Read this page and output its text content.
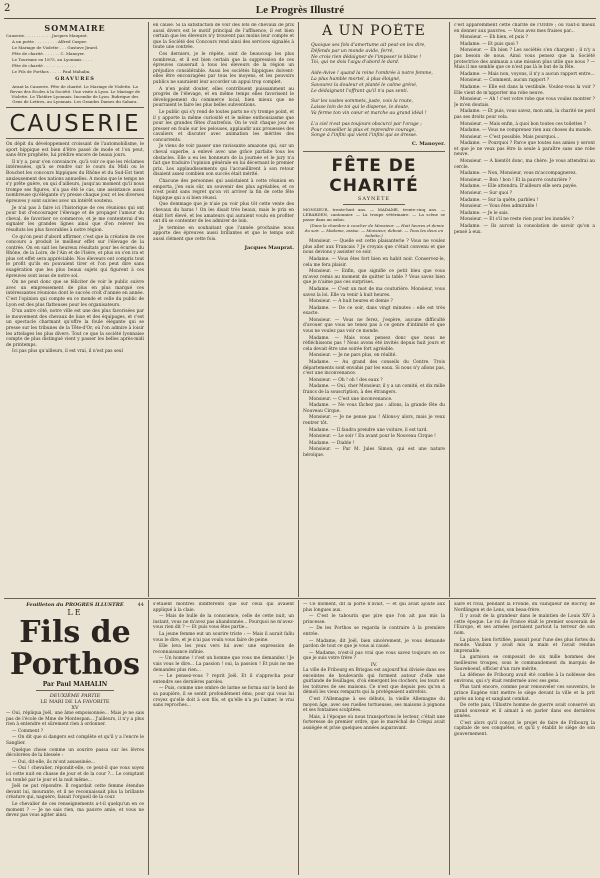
2	Le Progrès Illustré
SOMMAIRE

Causerie. . . . . . . . . . . Jacques Mauprat.

A un poète . . . . . . . . . Alfred Casper.

Le Mariage de Violette . . . Gustave Jirard.

Fête de charité. . . . . . . C. Manoyer.

Le Tourisme en 1875, au Lyonnais . . . .

Fête de charité . . . . . . . . . . . . .

Le Fils de Porthos . . . . . Paul Mahalin.

GRAVURES

Avant la Causerie. Fête de charité. Le Mariage de Violette. La Revue des Ecoles à la Société. Une visite à Lyon. Le Mariage de Violette. Le Théâtre Lyonnais. Incendie de Lyon. Rubrique des Gens de Lettres, au Lyonnais. Les Grandes Dames du Sahara.

CAUSERIE

On dépit du développement croissant de l'automobilisme, le sport hippique est bien d'être passé de mode et l'on peut, sans être prophète, lui prédire encore de beaux jours.

Il n'y a, pour s'en convaincre, qu'à voir ce que les réclames intéressées, qu'à se rendre sur le cours du Midi ou le Bouchet les concours hippiques du Rhône et du Sud-Est tient anxieusement des nations annuelles. A moins que le temps ne s'y prête guère, on qui d'ailleurs, jusqu'au moment qu'il nous trompe ses figures, n'a pas été le cas, une assistance aussi nombreuse qu'élégante s'y presse chaque jour, et les diverses épreuves y sont suivies avec un intérêt soutenu.

Je n'ai pas à faire ici l'historique de ces réunions qui ont pour but d'encourager l'élevage et de propager l'amour du cheval, de favoriser ce commerce, et je me contenterai d'en signaler les grandes lignes ainsi que d'en relever les résultats les plus favorables à notre région.

Ce qu'on peut d'abord affirmer, c'est que la création de ces concours a produit le meilleur effet sur l'élevage de la contrée. On en sait les heureux résultats pour les écuries du Rhône, de la Loire, de l'Ain et de l'Isère, et plus on s'en ira et plus cet effet sera appréciable. Nos éleveurs ont compris tout le profit qu'ils en pouvaient tirer et l'on peut dire sans exagération que les plus beaux sujets qui figurent à ces épreuves sont issus de notre sol.

On ne peut donc que se féliciter de voir le public suivre avec un empressement de plus en plus marqué ces intéressantes réunions dont le succès croît d'année en année. C'est l'opinion qui compte en ce monde et celle du public de Lyon est des plus flatteuses pour les organisateurs.

D'un autre côté, notre ville est une des plus favorisées par le mouvement des chevaux de luxe et des équipages, et c'est un spectacle charmant qu'offre la foule élégante qui se presse sur les tribunes de la Tête-d'Or, où l'on admire à loisir les attelages les plus divers. Tout ce que la société lyonnaise compte de plus distingué vient y passer les belles après-midi de printemps.

Ici pas plus qu'ailleurs, il est vrai, il n'est pas seul

en cause. Si la satisfaction de voir des lots de chevaux de prix aussi divers est le motif principal de l'affluence, il est bien certain que les éleveurs n'y trouvent pas moins leur compte et que la Société des Concours rend ainsi des services signalés à toute une contrée.

Ces derniers, je le répète, sont de beaucoup les plus nombreux, et il est bien certain que la suppression de ces épreuves causerait à tous les éleveurs de la région un préjudice considérable. Aussi les sociétés hippiques doivent-elles être encouragées par tous les moyens, et les pouvoirs publics ne sauraient leur accorder un appui trop complet.

A n'en point douter, elles contribuent puissamment au progrès de l'élevage, et en même temps elles favorisent le développement du commerce local, bien mieux que ne pourraient le faire les plus belles subventions.

Le public qui s'y rend de toutes parts ne s'y trompe point, et il y apporte la même curiosité et le même enthousiasme que pour les grandes fêtes d'autrefois. On le voit chaque jour se presser en foule sur les pelouses, applaudir aux prouesses des cavaliers et discuter avec animation les mérites des concurrents.

Je viens de voir passer une ravissante amazone qui, sur un cheval superbe, a enlevé avec une grâce parfaite tous les obstacles. Elle a eu les honneurs de la journée et le jury n'a fait que traduire l'opinion générale en lui décernant le premier prix. Les applaudissements qui l'accueillirent à son retour disaient assez combien son succès était mérité.

Chacune des personnes qui assistaient à cette réunion en emporta, j'en suis sûr, un souvenir des plus agréables, et ce n'est point sans regret qu'on vit arriver la fin de cette fête hippique qui a si bien réussi.

Que dommage que je n'aie pu voir plus tôt cette vente des chevaux du haras ! On les disait très beaux, mais le prix en était fort élevé, et les amateurs qui auraient voulu en profiter ont dû se contenter de les admirer de loin.

Je termine en souhaitant que l'année prochaine nous apporte des épreuves aussi brillantes et que le temps soit aussi clément que cette fois.

Jacques Mauprat.
A UN POÈTE
Quoique ses fols d'amertume ait peut-on les dire,
Défends par un monde avide, ferré,
Ne crois rien dédaigner de l'imposer le blâme !
Toi, qui ne dois l'aigu d'abord le dard.
Aide-Avive ! quand la reine l'ombrée à notre femme,
La plus humble mortel, à plus éloigné,
Savourez la douleur et planté le calme gréné,
Le dédaignant l'offrant qu'il n'a pas senti.
Sur les vastes sommets, juste, vois la route,
Laisse loin de toi qui le disperse, le doute,
Va ferme ton vin cœur et marche au grand idéal !
L'a ciel n'est pas toujours obscurci par l'orage ;
Pour conseiller la plus et reprendre courage,
Songe à l'infini qui vient l'infini qui se dresse.
C. Manoyer.
FÊTE DE CHARITÉ
SAYNÈTE

MONSIEUR, trente-huit ans. — MADAME, trente-cinq ans. — LEBARDEN, cantonnier. — La troupe vétérinaire. — La scène se passe dans un salon.

(Dans la chambre à coucher de Monsieur. — Huit heures et demie du soir. — Madame, assise. — Monsieur, debout. — Tous les deux en toilette.)

Monsieur. — Quelle est cette plaisanterie ? Vous ne voulez plus aller aux Francais ? Je croyais que c'était convenu et que nous devions y assister ce soir.

Madame. — Vous êtes fort bien en habit noir. Conservez-le, cela me fera plaisir.

Monsieur. — Enfin, que signifie ce petit bleu que vous m'avez remis au moment de quitter la table ? Vous savez bien que je n'aime pas ces surprises.

Madame. — C'est un mot de ma couturière. Monsieur, vous savez la loi. Elle va venir à huit heures.

Monsieur. — A huit heures et demie ?

Madame. — De ce soir, dans vingt minutes : elle est très exacte.

Monsieur. — Vous ne ferez, j'espère, aucune difficulté d'avouer que vous ne tenez pas à ce genre d'intimité et que vous ne voulez pas voir ce monde.

Madame. — Mais vous pensez donc que nous ne réfléchissons pas ! Nous avons été invités depuis huit jours et cela devait être une soirée fort agréable.

Monsieur. — Je ne pars plus, en réalité.

Madame. — Au grand des conseils du Centre. Trois départements sont envahis par les eaux. Si nous n'y allons pas, c'est une inconvenance.

Monsieur. — Oh ! oh ! des eaux ?

Madame. — Oui, cher Monsieur, il y a un comité, et dix mille francs de la souscription, à des étrangers.

Monsieur. — C'est une inconvenance.

Madame. — Ne vous fâchez pas : allons, la grande fête du Nouveau Cirque.

Monsieur. — Je ne pense pas ! Allons-y alors, mais je veux rentrer tôt.

Madame. — Il faudra prendre une voiture, il est tard.

Monsieur. — Le soir ! En avant pour le Nouveau Cirque !

Madame. — Diable !

Monsieur. — Par M. Jules Simon, qui est une nature héroïque.

c'est apparemment cette charité de l'Ordre ; ou vaut-il mieux en donner aux pauvres. — Vous avez mes fraises par...

Monsieur. — Eh bien, et puis ?

Madame. — Et puis quoi ?

Monsieur. — Eh bien ? Les sociétés s'en chargent ; il n'y a pas besoin de nous. Ainsi vous pensez que la Société protectrice des animaux a une mission plus utile que nous ? — Mais il me semble que ce n'est pas là le but de la fête.

Madame. — Mais non, voyons, il n'y a aucun rapport entre...

Monsieur. — Comment, aucun rapport ?

Madame. — Elle est dans la vestibule. Voulez-vous la voir ? Elle vient de m'apporter ma robe neuve.

Monsieur. — Ah ! c'est votre robe que vous voulez montrer ? Je m'en doutais.

Madame. — Et puis, vous savez, mon ami, la charité ne perd pas ses droits pour cela.

Monsieur. — Mais enfin, à quoi bon toutes ces toilettes ?

Madame. — Vous ne comprenez rien aux choses du monde.

Monsieur. — C'est possible. Mais pourquoi...

Madame. — Pourquoi ? Parce que toutes nos amies y seront et que je ne veux pas être la seule à paraître sans une robe neuve.

Monsieur. — A bientôt donc, ma chère. Je vous attendrai au cercle.

Madame. — Non, Monsieur, vous m'accompagnerez.

Monsieur. — Bon ! bon ! Et la pauvre couturière ?

Madame. — Elle attendra. D'ailleurs elle sera payée.

Monsieur. — Sur quoi ?

Madame. — Sur la quête, parbleu !

Monsieur. — Vous êtes admirable !

Madame. — Je le sais.

Monsieur. — Et s'il ne reste rien pour les inondés ?

Madame. — Ils auront la consolation de savoir qu'on a pensé à eux.

Feuilleton du PROGRÈS ILLUSTRÉ	44
LE
Fils de Porthos
Par Paul MAHALIN
DEUXIÈME PARTIE
LE MARI DE LA FAVORITE
XV

— Oui, répliqua Joël, une âme empoisonnée... Mais je ne sais pas de l'école de Mme de Montespan... J'ailleurs, il n'y a plus rien à entendre et sûrement rien à ordonner.

— Comment ?

— On dit que si dangers est complète et qu'il y a l'encre le Sanglier.

Quelque chose comme un sourire passa sur les lèvres décolorées de la blessée :

— Oui, dit-elle, ils m'ont assassinée...

— Oui ! chevalier, répondit-elle, ce peut-il que vous soyez ici cette nuit en chasse de jour et de la cour ?... Le comptant ou tombé par le jour et la nuit même...

Joël ne put répondre. Il regardait cette femme étendue devant lui, mourante, et il ne reconnaissait plus la brillante créature qui, naguère, faisait l'orgueil de la cour.

Le chevalier de ces renseignements a-t-il quelqu'un en ce moment ? — Je ne sais rien, ma pauvre amie, et vous ne devez pas vous agiter ainsi.

s'étaient montrés indifférents que sur ceux qui avaient appliqué à la claie.

— Mais de bulle de la conscience, celle de cette nuit, un instant, vous ne m'avez pas abandonnée... Pourquoi ne m'avez-vous rien dit ? — Et puis vous êtes partie...

La jeune femme eut un sourire triste : — Mais il aurait fallu vous le dire, et je n'ai pas voulu vous faire de peine.

Elle leva les yeux vers lui avec une expression de reconnaissance infinie.

— Un homme ! c'est un homme que vous me demandez ! Je vais vous le dire... La passion ! oui, la passion ! Et puis ne me demandez plus rien...

— Le pensez-vous ? reprit Joël. Et il s'approcha pour entendre ses dernières paroles.

— Puis, comme une ombre de larme se forma sur le bord de sa paupière, il se sentit profondément ému, pour qui vous lui croyez qu'elle doit à son fils, et qu'elle n'a pu l'aimer, le vrai sans reproches...

— Ce moment, dit la porte n'avait, — et qui avait ajouté aux plus longues aux.

— C'est le tabourin que pire que l'on ait pas mis la princesse.

— De les Porthos se regarda le contraire à la première entrée.

— Madame, dit Joël, bien sincèrement, je vous demande pardon de tout ce que je vous ai causé.

— Madame, n'est-il pas vrai que vous savez toujours en ce que je suis votre frère ?

IV.

La ville de Fribourg en Brisgau est aujourd'hui divisée dans ses enceintes de boulevards qui forment autour d'elle une guirlande de feuillages, d'où émergent les clochers, les tours et les toitures de ses maisons. Ce n'est que depuis peu qu'on a démoli les vieux remparts qui la protégeaient autrefois.

C'est l'Allemagne à ses débuts, la vieille Allemagne du moyen âge, avec ses ruelles tortueuses, ses maisons à pignons et ses fontaines sculptées.

Mais, à l'époque où nous transportons le lecteur, c'était une forteresse de premier ordre, que le maréchal de Créqui avait assiégée et prise quelques années auparavant.

saire et rival, pendant la Fronde, du vainqueur de Rocroy, de Nordlingen et de Lens, son beau-frère.

Il y avait de la grandeur dans le maintien de Louis XIV à cette époque. Le roi de France était le premier souverain de l'Europe, et ses armées portaient partout la terreur de son nom.

La place, bien fortifiée, passait pour l'une des plus fortes du monde. Vauban y avait mis la main et l'avait rendue imprenable.

La garnison se composait de six mille hommes des meilleures troupes, sous le commandement du marquis de Sauveboeuf, officier d'un rare mérite.

La défense de Fribourg avait été confiée à la noblesse des environs, qui s'y était renfermée avec ses gens.

Plus tard encore, comme pour renouveler ces souvenirs, le prince Eugène vint mettre le siège devant la ville et la prit après un long et sanglant combat.

De cette paix, l'illustre homme de guerre avait conservé un grand souvenir et il aimait à en parler dans ses dernières années.

C'est alors qu'il conçut le projet de faire de Fribourg la capitale de ses conquêtes, et qu'il y établit le siège de son gouvernement.
